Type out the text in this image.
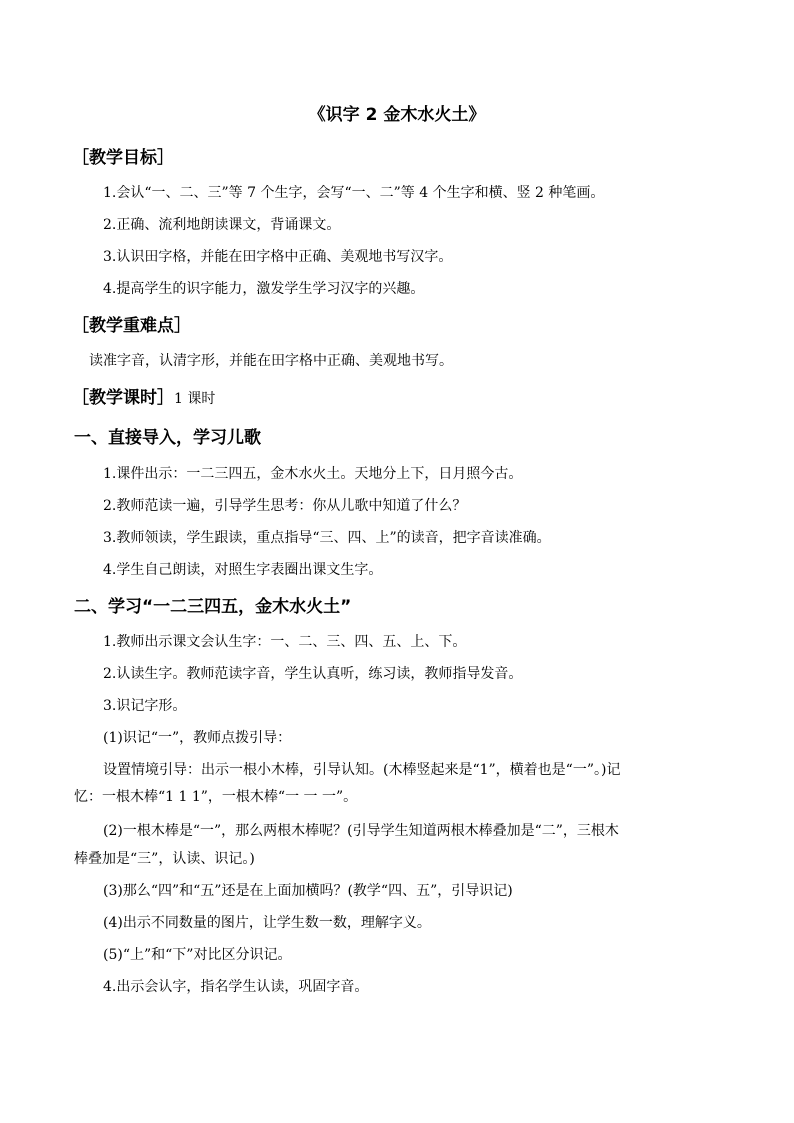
《识字 2 金木水火土》
［教学目标］
1.会认“一、二、三”等 7 个生字，会写“一、二”等 4 个生字和横、竖 2 种笔画。
2.正确、流利地朗读课文，背诵课文。
3.认识田字格，并能在田字格中正确、美观地书写汉字。
4.提高学生的识字能力，激发学生学习汉字的兴趣。
［教学重难点］
读准字音，认清字形，并能在田字格中正确、美观地书写。
［教学课时］1 课时
一、直接导入，学习儿歌
1.课件出示：一二三四五，金木水火土。天地分上下，日月照今古。
2.教师范读一遍，引导学生思考：你从儿歌中知道了什么？
3.教师领读，学生跟读，重点指导“三、四、上”的读音，把字音读准确。
4.学生自己朗读，对照生字表圈出课文生字。
二、学习“一二三四五，金木水火土”
1.教师出示课文会认生字：一、二、三、四、五、上、下。
2.认读生字。教师范读字音，学生认真听，练习读，教师指导发音。
3.识记字形。
(1)识记“一”，教师点拨引导：
设置情境引导：出示一根小木棒，引导认知。(木棒竖起来是“1”，横着也是“一”。)记
忆：一根木棒“1 1 1”，一根木棒“一 一 一”。
(2)一根木棒是“一”，那么两根木棒呢？(引导学生知道两根木棒叠加是“二”，三根木
棒叠加是“三”，认读、识记。)
(3)那么“四”和“五”还是在上面加横吗？(教学“四、五”，引导识记)
(4)出示不同数量的图片，让学生数一数，理解字义。
(5)“上”和“下”对比区分识记。
4.出示会认字，指名学生认读，巩固字音。
